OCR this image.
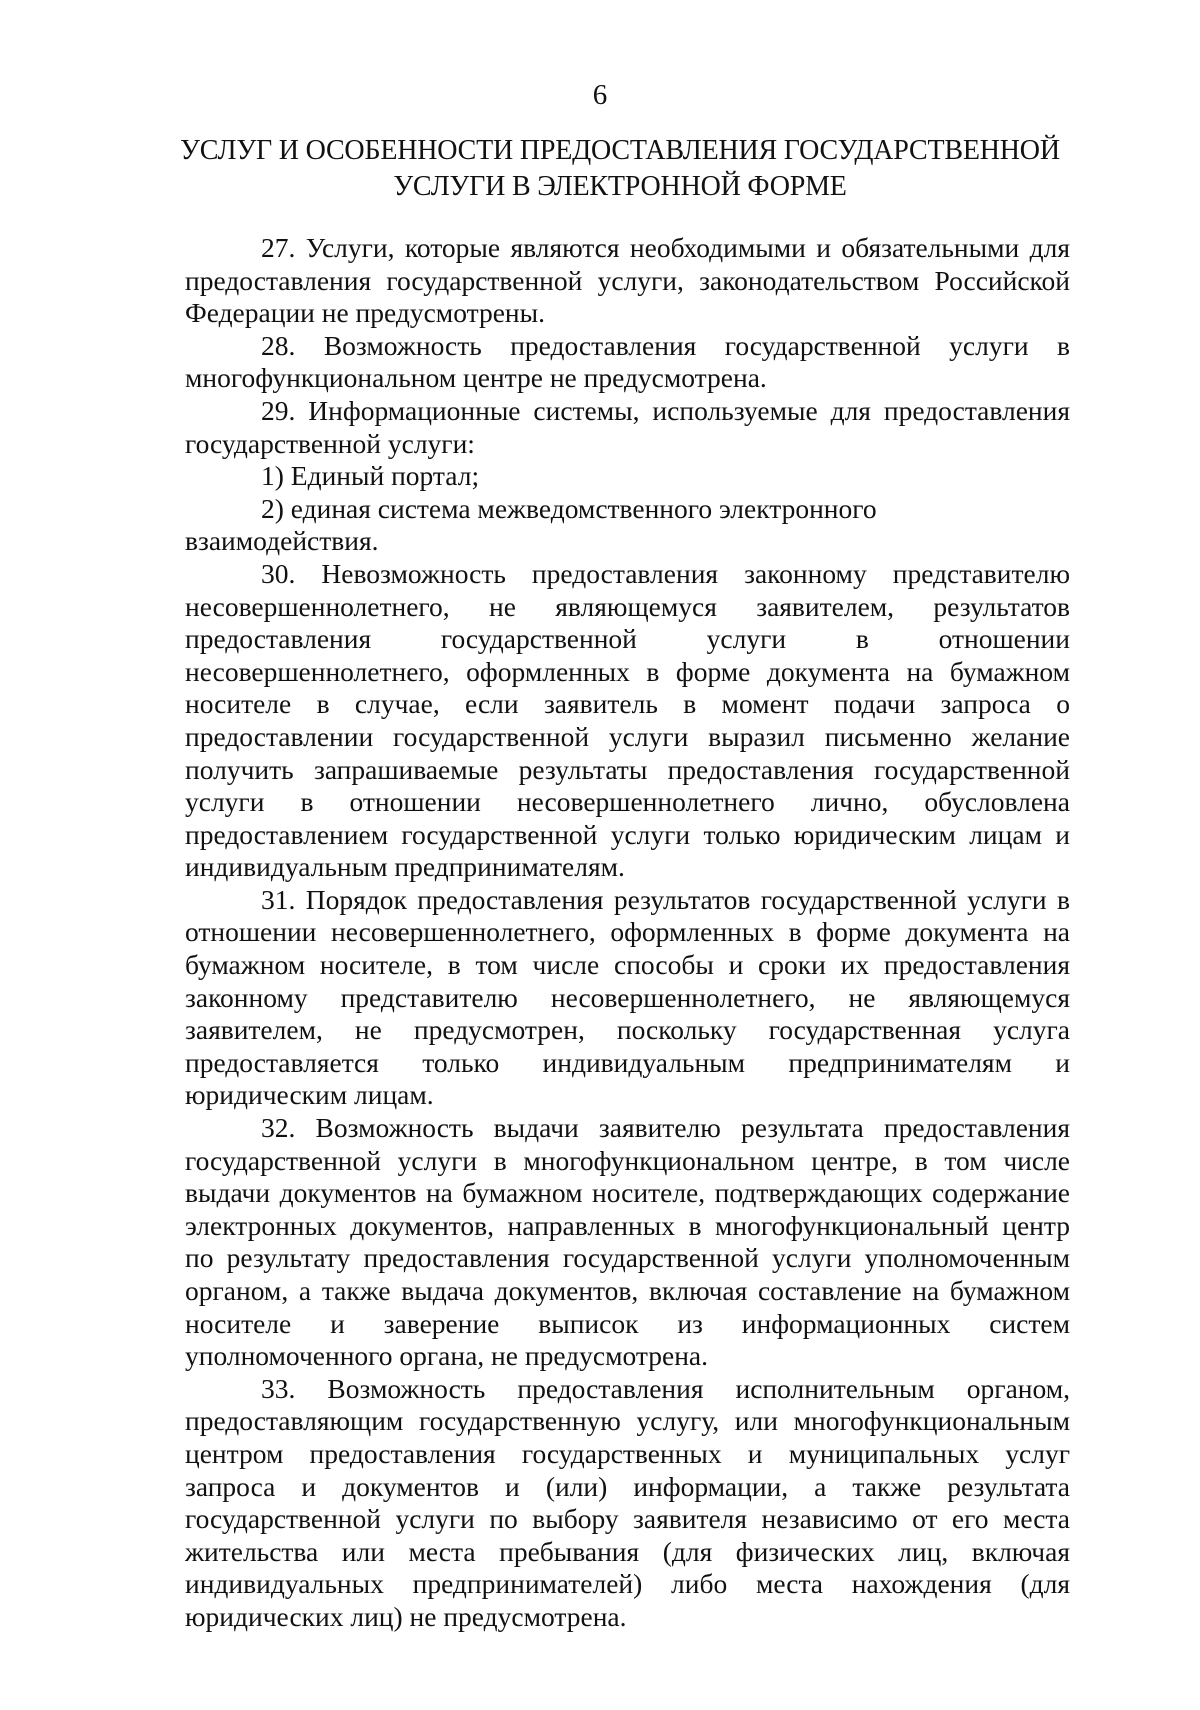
6
УСЛУГ И ОСОБЕННОСТИ ПРЕДОСТАВЛЕНИЯ ГОСУДАРСТВЕННОЙ
УСЛУГИ В ЭЛЕКТРОННОЙ ФОРМЕ

27. Услуги, которые являются необходимыми и обязательными для предоставления государственной услуги, законодательством Российской Федерации не предусмотрены.

28. Возможность предоставления государственной услуги в многофункциональном центре не предусмотрена.

29. Информационные системы, используемые для предоставления государственной услуги:

1) Единый портал;

2) единая система межведомственного электронного взаимодействия.

30. Невозможность предоставления законному представителю несовершеннолетнего, не являющемуся заявителем, результатов предоставления государственной услуги в отношении несовершеннолетнего, оформленных в форме документа на бумажном носителе в случае, если заявитель в момент подачи запроса о предоставлении государственной услуги выразил письменно желание получить запрашиваемые результаты предоставления государственной услуги в отношении несовершеннолетнего лично, обусловлена предоставлением государственной услуги только юридическим лицам и индивидуальным предпринимателям.

31. Порядок предоставления результатов государственной услуги в отношении несовершеннолетнего, оформленных в форме документа на бумажном носителе, в том числе способы и сроки их предоставления законному представителю несовершеннолетнего, не являющемуся заявителем, не предусмотрен, поскольку государственная услуга предоставляется только индивидуальным предпринимателям и юридическим лицам.

32. Возможность выдачи заявителю результата предоставления государственной услуги в многофункциональном центре, в том числе выдачи документов на бумажном носителе, подтверждающих содержание электронных документов, направленных в многофункциональный центр по результату предоставления государственной услуги уполномоченным органом, а также выдача документов, включая составление на бумажном носителе и заверение выписок из информационных систем уполномоченного органа, не предусмотрена.

33. Возможность предоставления исполнительным органом, предоставляющим государственную услугу, или многофункциональным центром предоставления государственных и муниципальных услуг запроса и документов и (или) информации, а также результата государственной услуги по выбору заявителя независимо от его места жительства или места пребывания (для физических лиц, включая индивидуальных предпринимателей) либо места нахождения (для юридических лиц) не предусмотрена.
